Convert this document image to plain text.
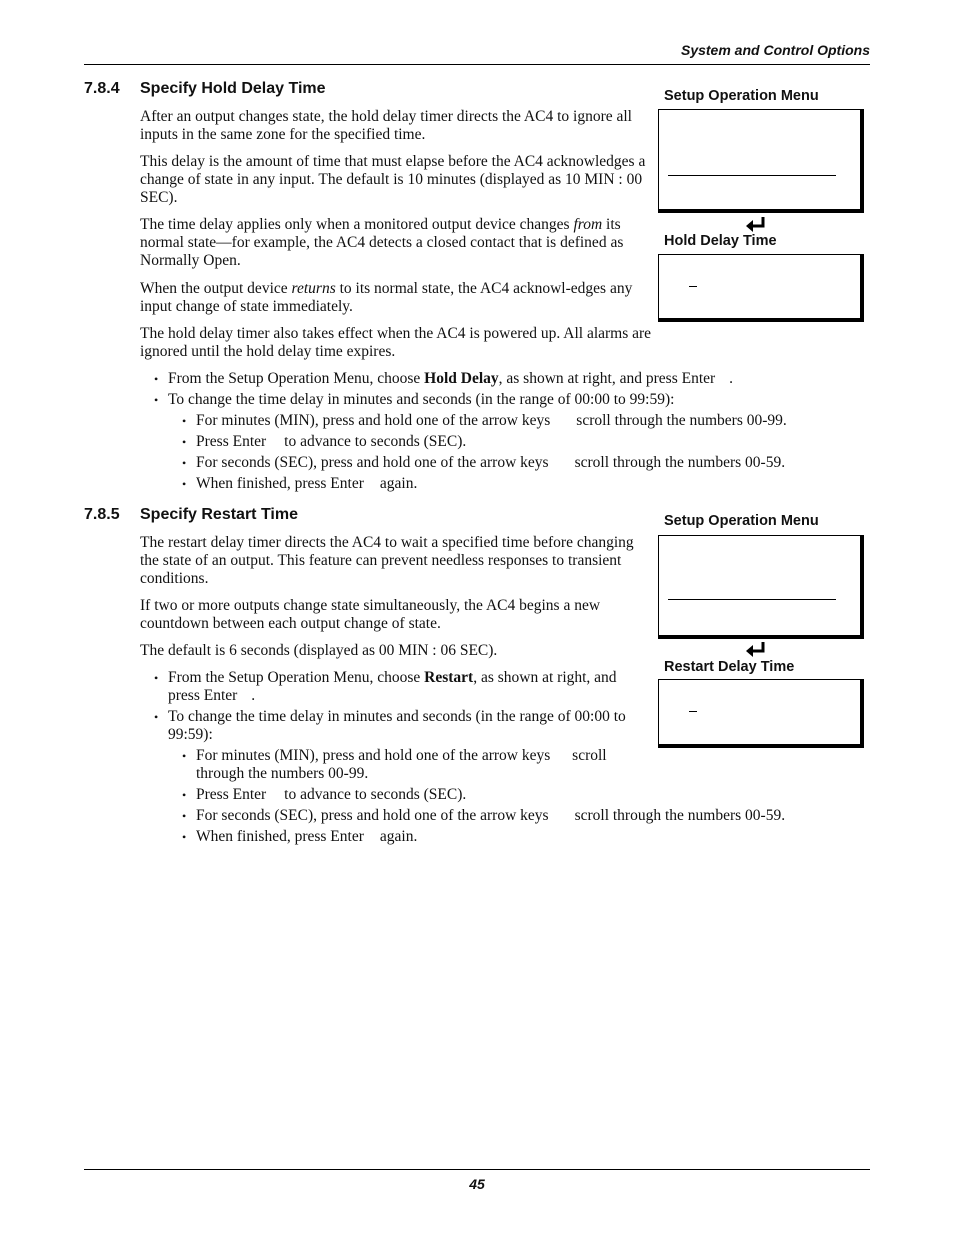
System and Control Options
45
7.8.4 Specify Hold Delay Time
After an output changes state, the hold delay timer directs the AC4 to ignore all inputs in the same zone for the specified time.
This delay is the amount of time that must elapse before the AC4 acknowledges a change of state in any input. The default is 10 minutes (displayed as 10 MIN : 00 SEC).
The time delay applies only when a monitored output device changes from its normal state—for example, the AC4 detects a closed contact that is defined as Normally Open.
When the output device returns to its normal state, the AC4 acknowl-edges any input change of state immediately.
The hold delay timer also takes effect when the AC4 is powered up. All alarms are ignored until the hold delay time expires.
• From the Setup Operation Menu, choose Hold Delay, as shown at right, and press Enter .
• To change the time delay in minutes and seconds (in the range of 00:00 to 99:59):
• For minutes (MIN), press and hold one of the arrow keys scroll through the numbers 00-99.
• Press Enter to advance to seconds (SEC).
• For seconds (SEC), press and hold one of the arrow keys scroll through the numbers 00-59.
• When finished, press Enter again.
Setup Operation Menu
Hold Delay Time
7.8.5 Specify Restart Time
The restart delay timer directs the AC4 to wait a specified time before changing the state of an output. This feature can prevent needless responses to transient conditions.
If two or more outputs change state simultaneously, the AC4 begins a new countdown between each output change of state.
The default is 6 seconds (displayed as 00 MIN : 06 SEC).
• From the Setup Operation Menu, choose Restart, as shown at right, and press Enter .
• To change the time delay in minutes and seconds (in the range of 00:00 to 99:59):
• For minutes (MIN), press and hold one of the arrow keys scroll through the numbers 00-99.
• Press Enter to advance to seconds (SEC).
• For seconds (SEC), press and hold one of the arrow keys scroll through the numbers 00-59.
• When finished, press Enter again.
Setup Operation Menu
Restart Delay Time
